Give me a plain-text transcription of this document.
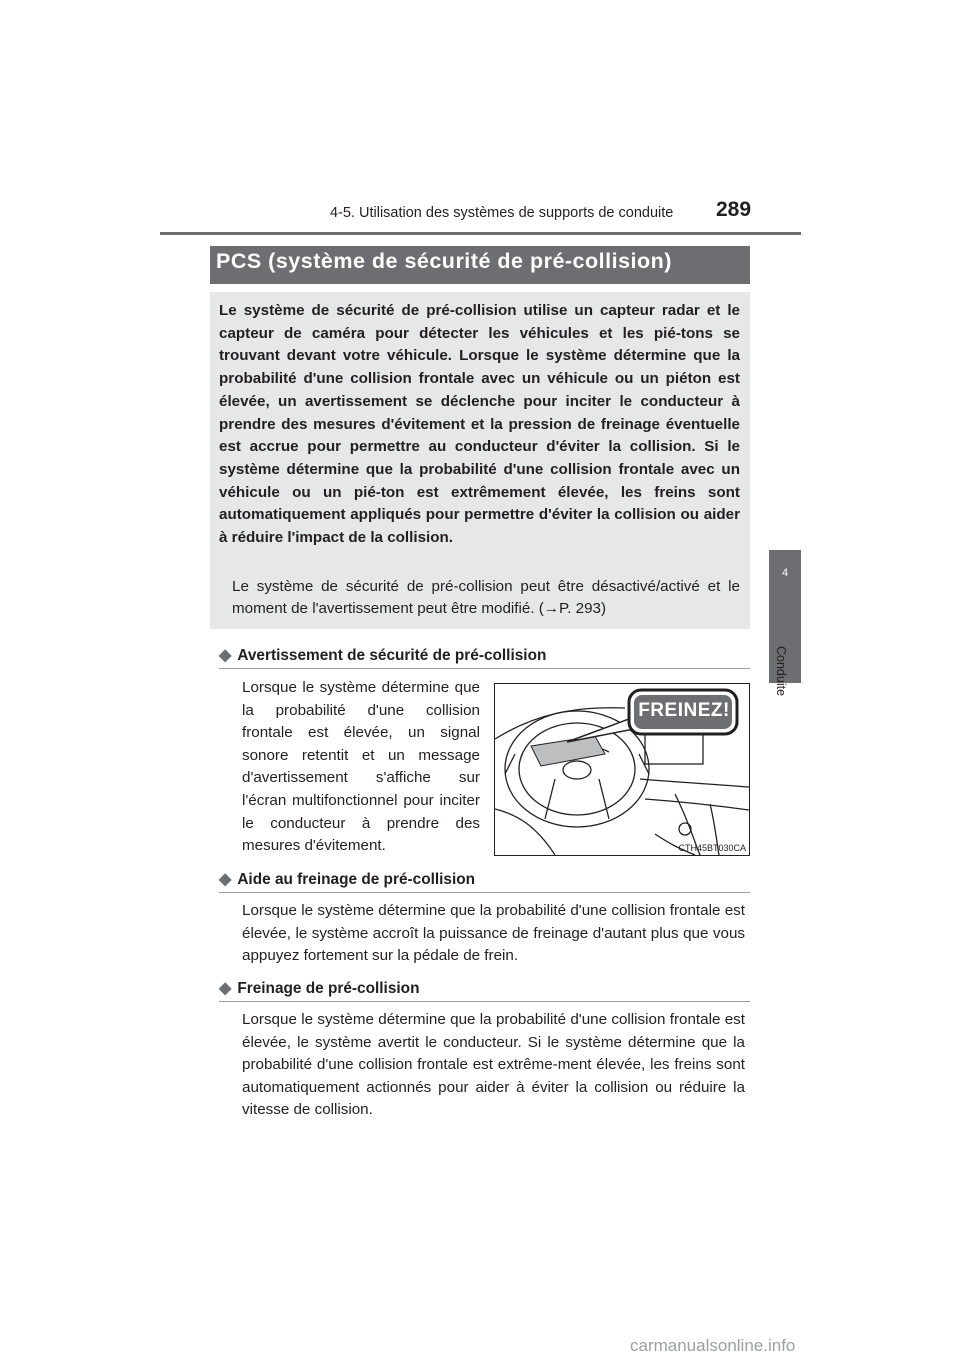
4-5. Utilisation des systèmes de supports de conduite 289
4
Conduite
PCS (système de sécurité de pré-collision)
Le système de sécurité de pré-collision utilise un capteur radar et le capteur de caméra pour détecter les véhicules et les pié-tons se trouvant devant votre véhicule. Lorsque le système détermine que la probabilité d'une collision frontale avec un véhicule ou un piéton est élevée, un avertissement se déclenche pour inciter le conducteur à prendre des mesures d'évitement et la pression de freinage éventuelle est accrue pour permettre au conducteur d'éviter la collision. Si le système détermine que la probabilité d'une collision frontale avec un véhicule ou un pié-ton est extrêmement élevée, les freins sont automatiquement appliqués pour permettre d'éviter la collision ou aider à réduire l'impact de la collision.
Le système de sécurité de pré-collision peut être désactivé/activé et le moment de l'avertissement peut être modifié. (→P. 293)
◆ Avertissement de sécurité de pré-collision
Lorsque le système détermine que la probabilité d'une collision frontale est élevée, un signal sonore retentit et un message d'avertissement s'affiche sur l'écran multifonctionnel pour inciter le conducteur à prendre des mesures d'évitement.
FREINEZ!
CTH45BT030CA
◆ Aide au freinage de pré-collision
Lorsque le système détermine que la probabilité d'une collision frontale est élevée, le système accroît la puissance de freinage d'autant plus que vous appuyez fortement sur la pédale de frein.
◆ Freinage de pré-collision
Lorsque le système détermine que la probabilité d'une collision frontale est élevée, le système avertit le conducteur. Si le système détermine que la probabilité d'une collision frontale est extrême-ment élevée, les freins sont automatiquement actionnés pour aider à éviter la collision ou réduire la vitesse de collision.
carmanualsonline.info
